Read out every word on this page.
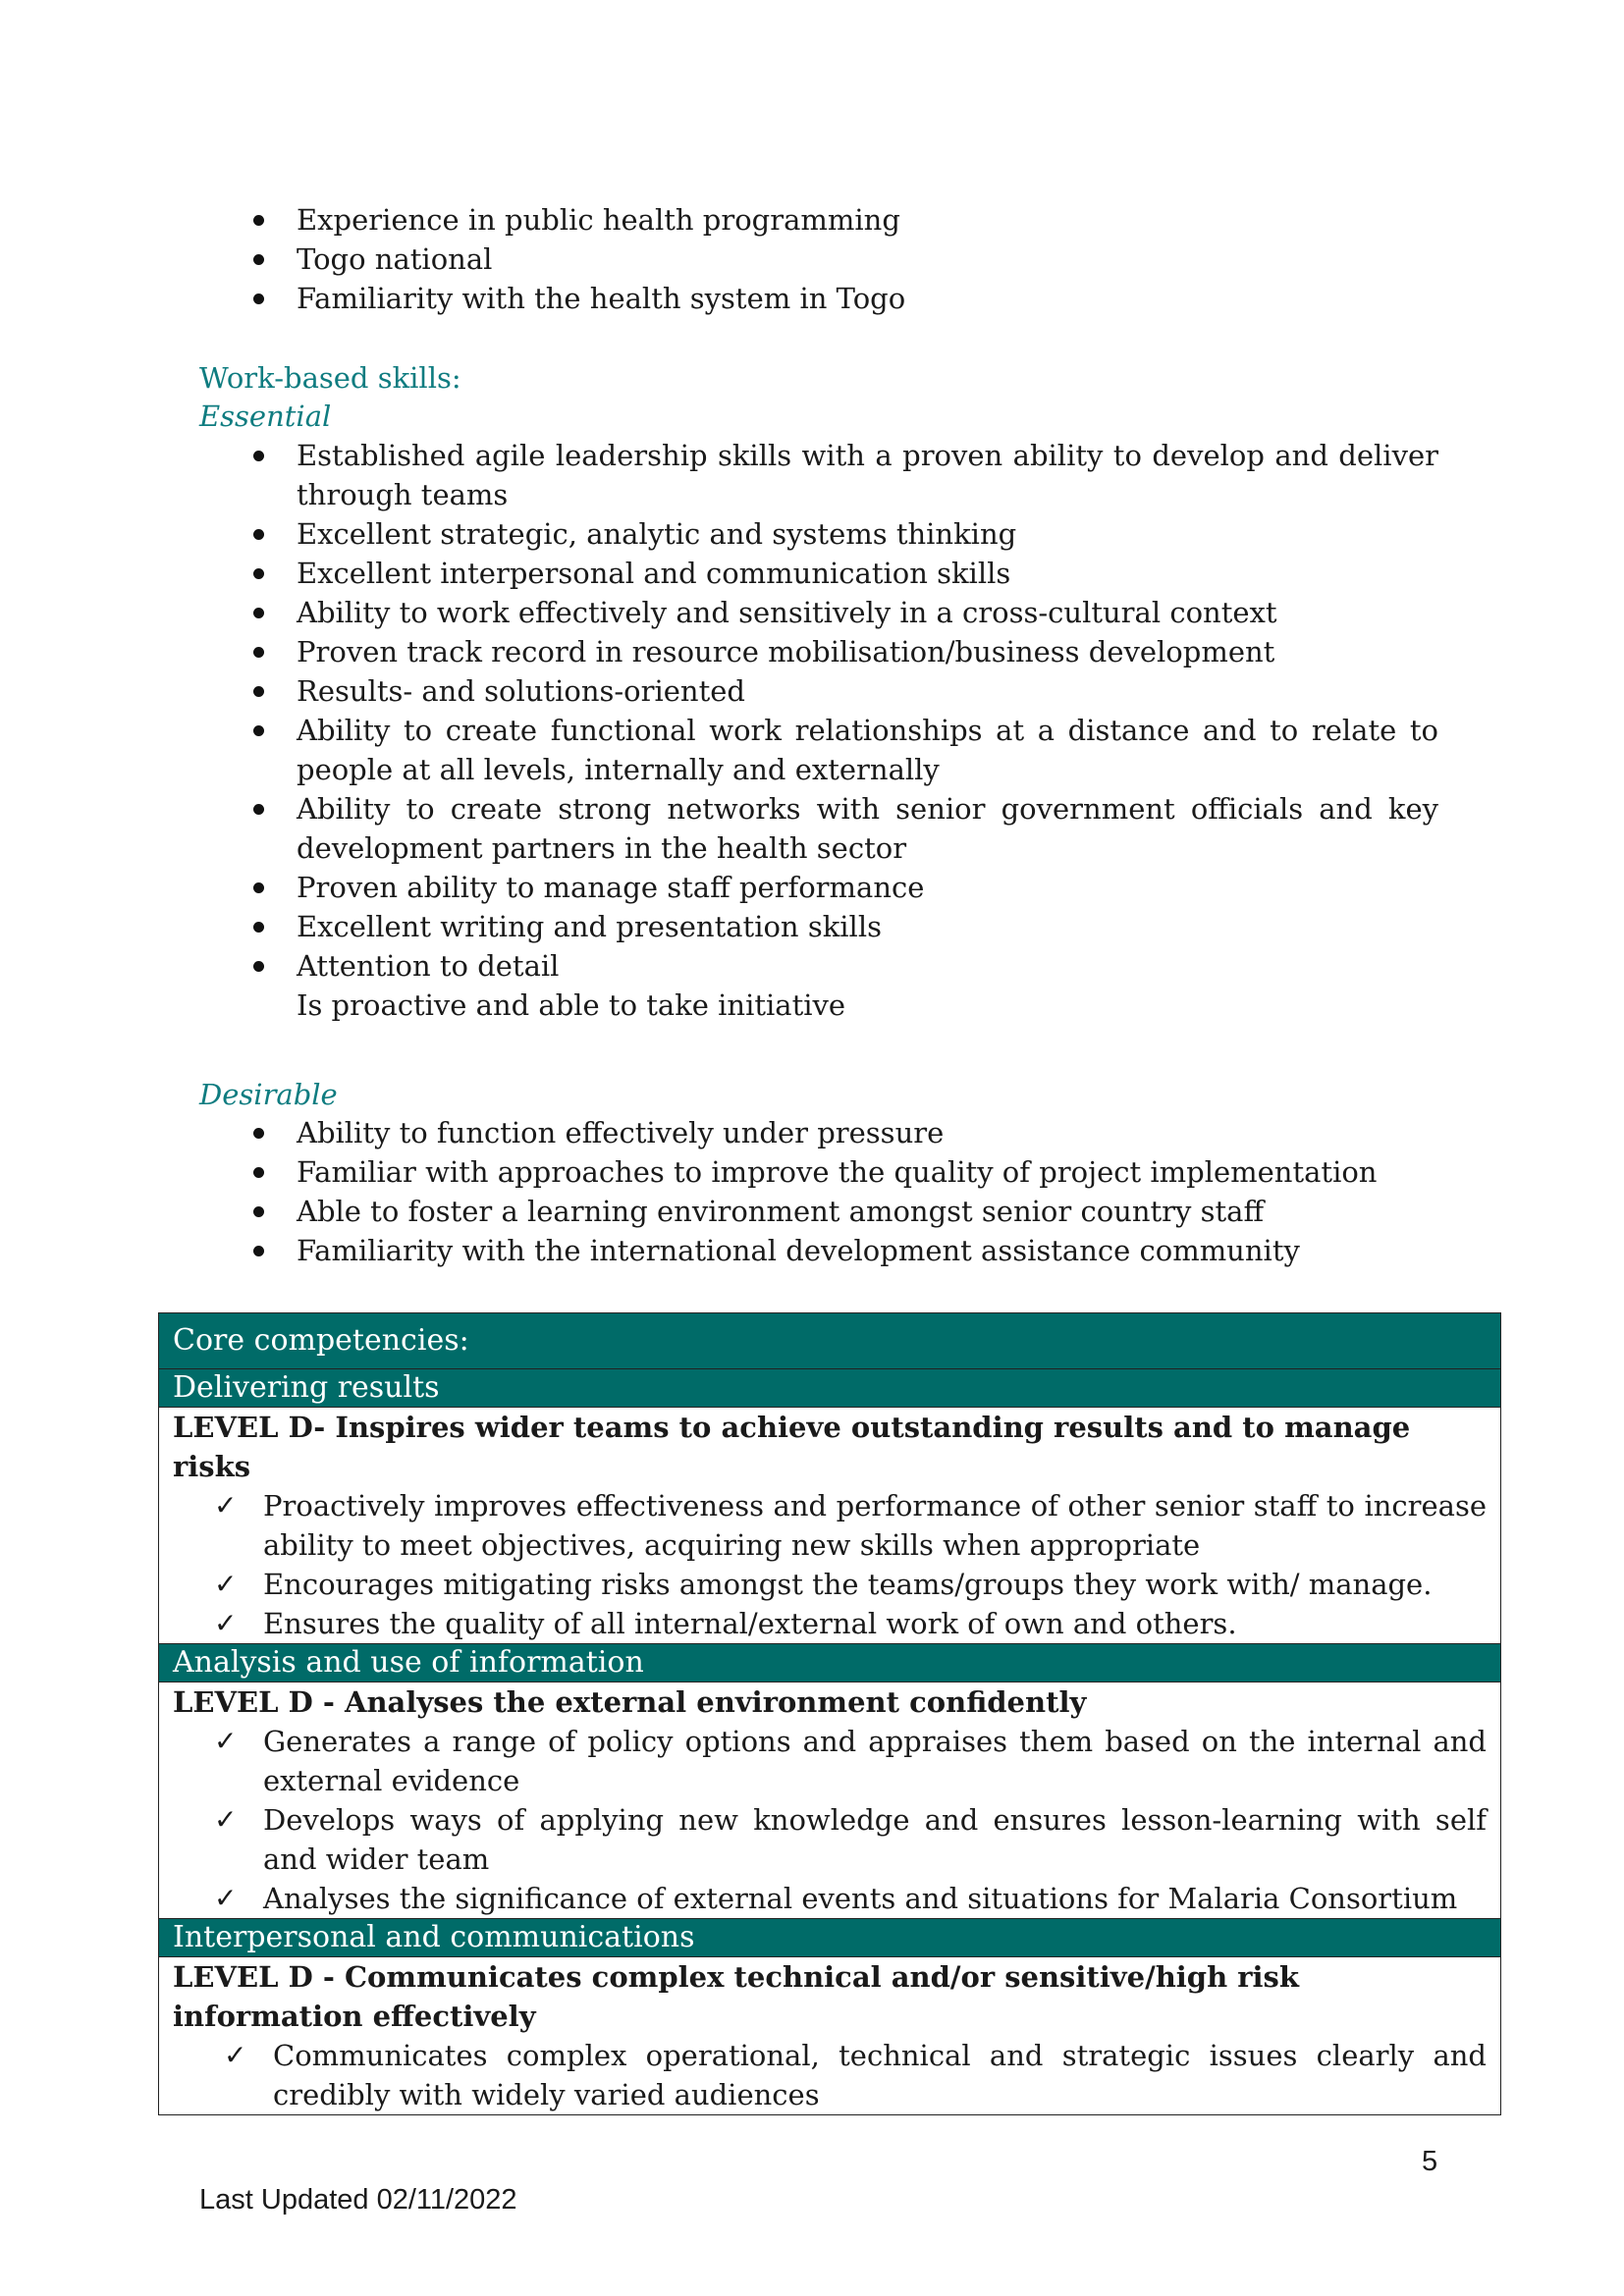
Experience in public health programming
Togo national
Familiarity with the health system in Togo
Work-based skills:
Essential
Established agile leadership skills with a proven ability to develop and deliver through teams
Excellent strategic, analytic and systems thinking
Excellent interpersonal and communication skills
Ability to work effectively and sensitively in a cross-cultural context
Proven track record in resource mobilisation/business development
Results- and solutions-oriented
Ability to create functional work relationships at a distance and to relate to people at all levels, internally and externally
Ability to create strong networks with senior government officials and key development partners in the health sector
Proven ability to manage staff performance
Excellent writing and presentation skills
Attention to detail
Is proactive and able to take initiative
Desirable
Ability to function effectively under pressure
Familiar with approaches to improve the quality of project implementation
Able to foster a learning environment amongst senior country staff
Familiarity with the international development assistance community
Core competencies:
Delivering results
LEVEL D- Inspires wider teams to achieve outstanding results and to manage risks
✓ Proactively improves effectiveness and performance of other senior staff to increase ability to meet objectives, acquiring new skills when appropriate
✓ Encourages mitigating risks amongst the teams/groups they work with/ manage.
✓ Ensures the quality of all internal/external work of own and others.
Analysis and use of information
LEVEL D - Analyses the external environment confidently
✓ Generates a range of policy options and appraises them based on the internal and external evidence
✓ Develops ways of applying new knowledge and ensures lesson-learning with self and wider team
✓ Analyses the significance of external events and situations for Malaria Consortium
Interpersonal and communications
LEVEL D - Communicates complex technical and/or sensitive/high risk information effectively
✓ Communicates complex operational, technical and strategic issues clearly and credibly with widely varied audiences
5
Last Updated 02/11/2022
